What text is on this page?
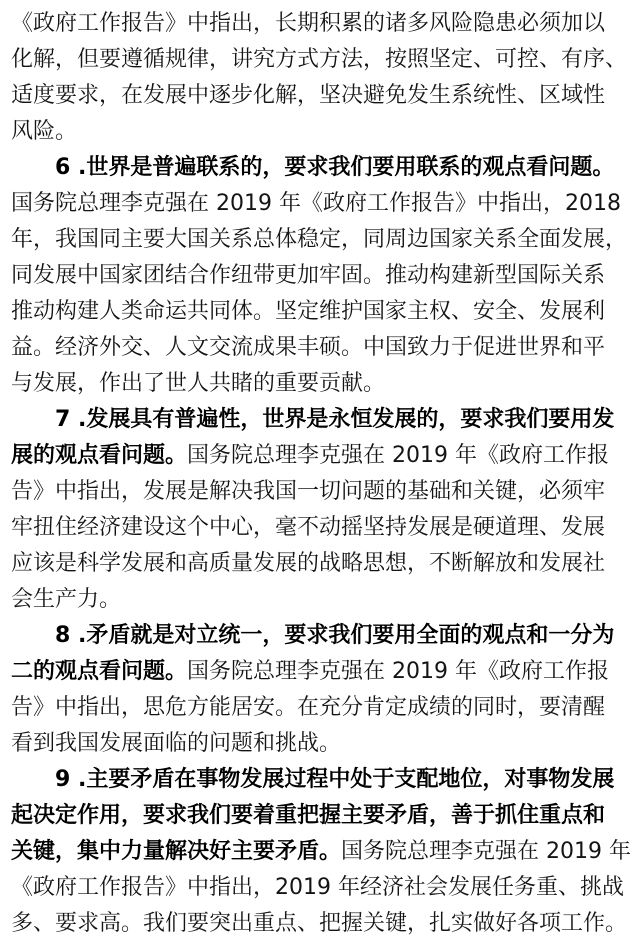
《政府工作报告》中指出，长期积累的诸多风险隐患必须加以
化解，但要遵循规律，讲究方式方法，按照坚定、可控、有序、
适度要求，在发展中逐步化解，坚决避免发生系统性、区域性
风险。
6 .世界是普遍联系的，要求我们要用联系的观点看问题。
国务院总理李克强在 2019 年《政府工作报告》中指出，2018
年，我国同主要大国关系总体稳定，同周边国家关系全面发展，
同发展中国家团结合作纽带更加牢固。推动构建新型国际关系
推动构建人类命运共同体。坚定维护国家主权、安全、发展利
益。经济外交、人文交流成果丰硕。中国致力于促进世界和平
与发展，作出了世人共睹的重要贡献。
7 .发展具有普遍性，世界是永恒发展的，要求我们要用发
展的观点看问题。国务院总理李克强在 2019 年《政府工作报
告》中指出，发展是解决我国一切问题的基础和关键，必须牢
牢扭住经济建设这个中心，毫不动摇坚持发展是硬道理、发展
应该是科学发展和高质量发展的战略思想，不断解放和发展社
会生产力。
8 .矛盾就是对立统一，要求我们要用全面的观点和一分为
二的观点看问题。国务院总理李克强在 2019 年《政府工作报
告》中指出，思危方能居安。在充分肯定成绩的同时，要清醒
看到我国发展面临的问题和挑战。
9 .主要矛盾在事物发展过程中处于支配地位，对事物发展
起决定作用，要求我们要着重把握主要矛盾，善于抓住重点和
关键，集中力量解决好主要矛盾。国务院总理李克强在 2019 年
《政府工作报告》中指出，2019 年经济社会发展任务重、挑战
多、要求高。我们要突出重点、把握关键，扎实做好各项工作。
